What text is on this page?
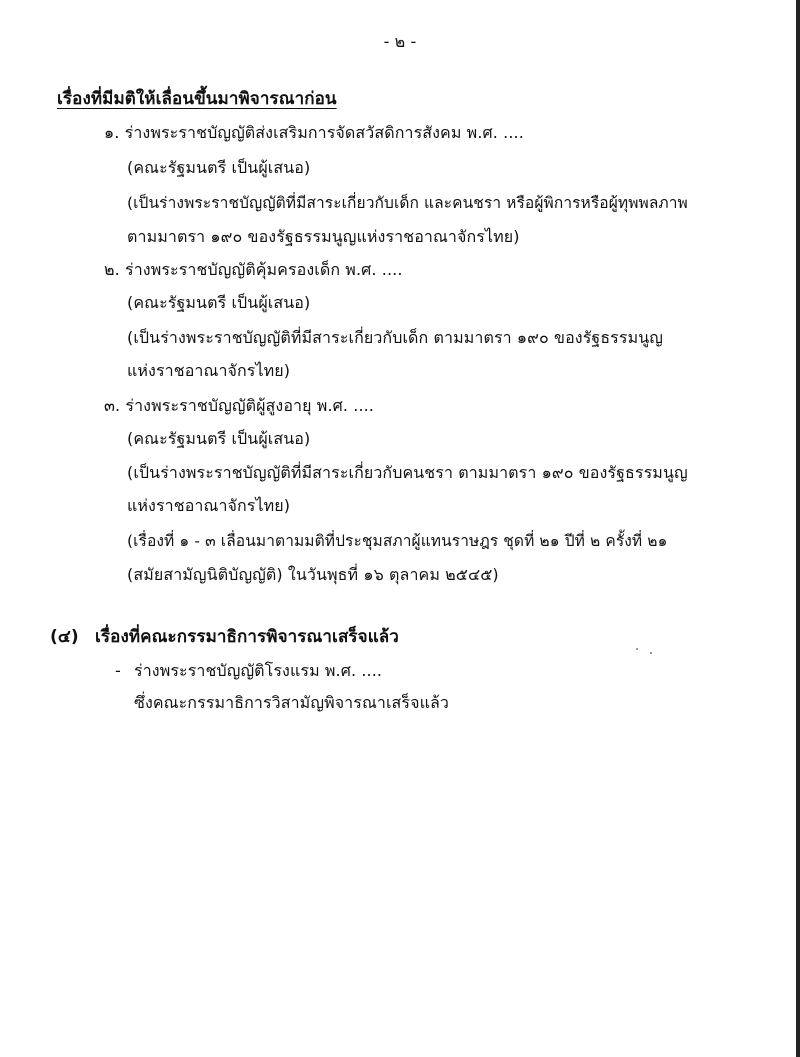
- ๒ -
เรื่องที่มีมติให้เลื่อนขึ้นมาพิจารณาก่อน
๑. ร่างพระราชบัญญัติส่งเสริมการจัดสวัสดิการสังคม พ.ศ. ....
(คณะรัฐมนตรี เป็นผู้เสนอ)
(เป็นร่างพระราชบัญญัติที่มีสาระเกี่ยวกับเด็ก และคนชรา หรือผู้พิการหรือผู้ทุพพลภาพ
ตามมาตรา ๑๙๐ ของรัฐธรรมนูญแห่งราชอาณาจักรไทย)
๒. ร่างพระราชบัญญัติคุ้มครองเด็ก พ.ศ. ....
(คณะรัฐมนตรี เป็นผู้เสนอ)
(เป็นร่างพระราชบัญญัติที่มีสาระเกี่ยวกับเด็ก ตามมาตรา ๑๙๐ ของรัฐธรรมนูญ
แห่งราชอาณาจักรไทย)
๓. ร่างพระราชบัญญัติผู้สูงอายุ พ.ศ. ....
(คณะรัฐมนตรี เป็นผู้เสนอ)
(เป็นร่างพระราชบัญญัติที่มีสาระเกี่ยวกับคนชรา ตามมาตรา ๑๙๐ ของรัฐธรรมนูญ
แห่งราชอาณาจักรไทย)
(เรื่องที่ ๑ - ๓ เลื่อนมาตามมติที่ประชุมสภาผู้แทนราษฎร ชุดที่ ๒๑ ปีที่ ๒ ครั้งที่ ๒๑
(สมัยสามัญนิติบัญญัติ) ในวันพุธที่ ๑๖ ตุลาคม ๒๕๔๕)
(๔) เรื่องที่คณะกรรมาธิการพิจารณาเสร็จแล้ว
- ร่างพระราชบัญญัติโรงแรม พ.ศ. ....
ซึ่งคณะกรรมาธิการวิสามัญพิจารณาเสร็จแล้ว
